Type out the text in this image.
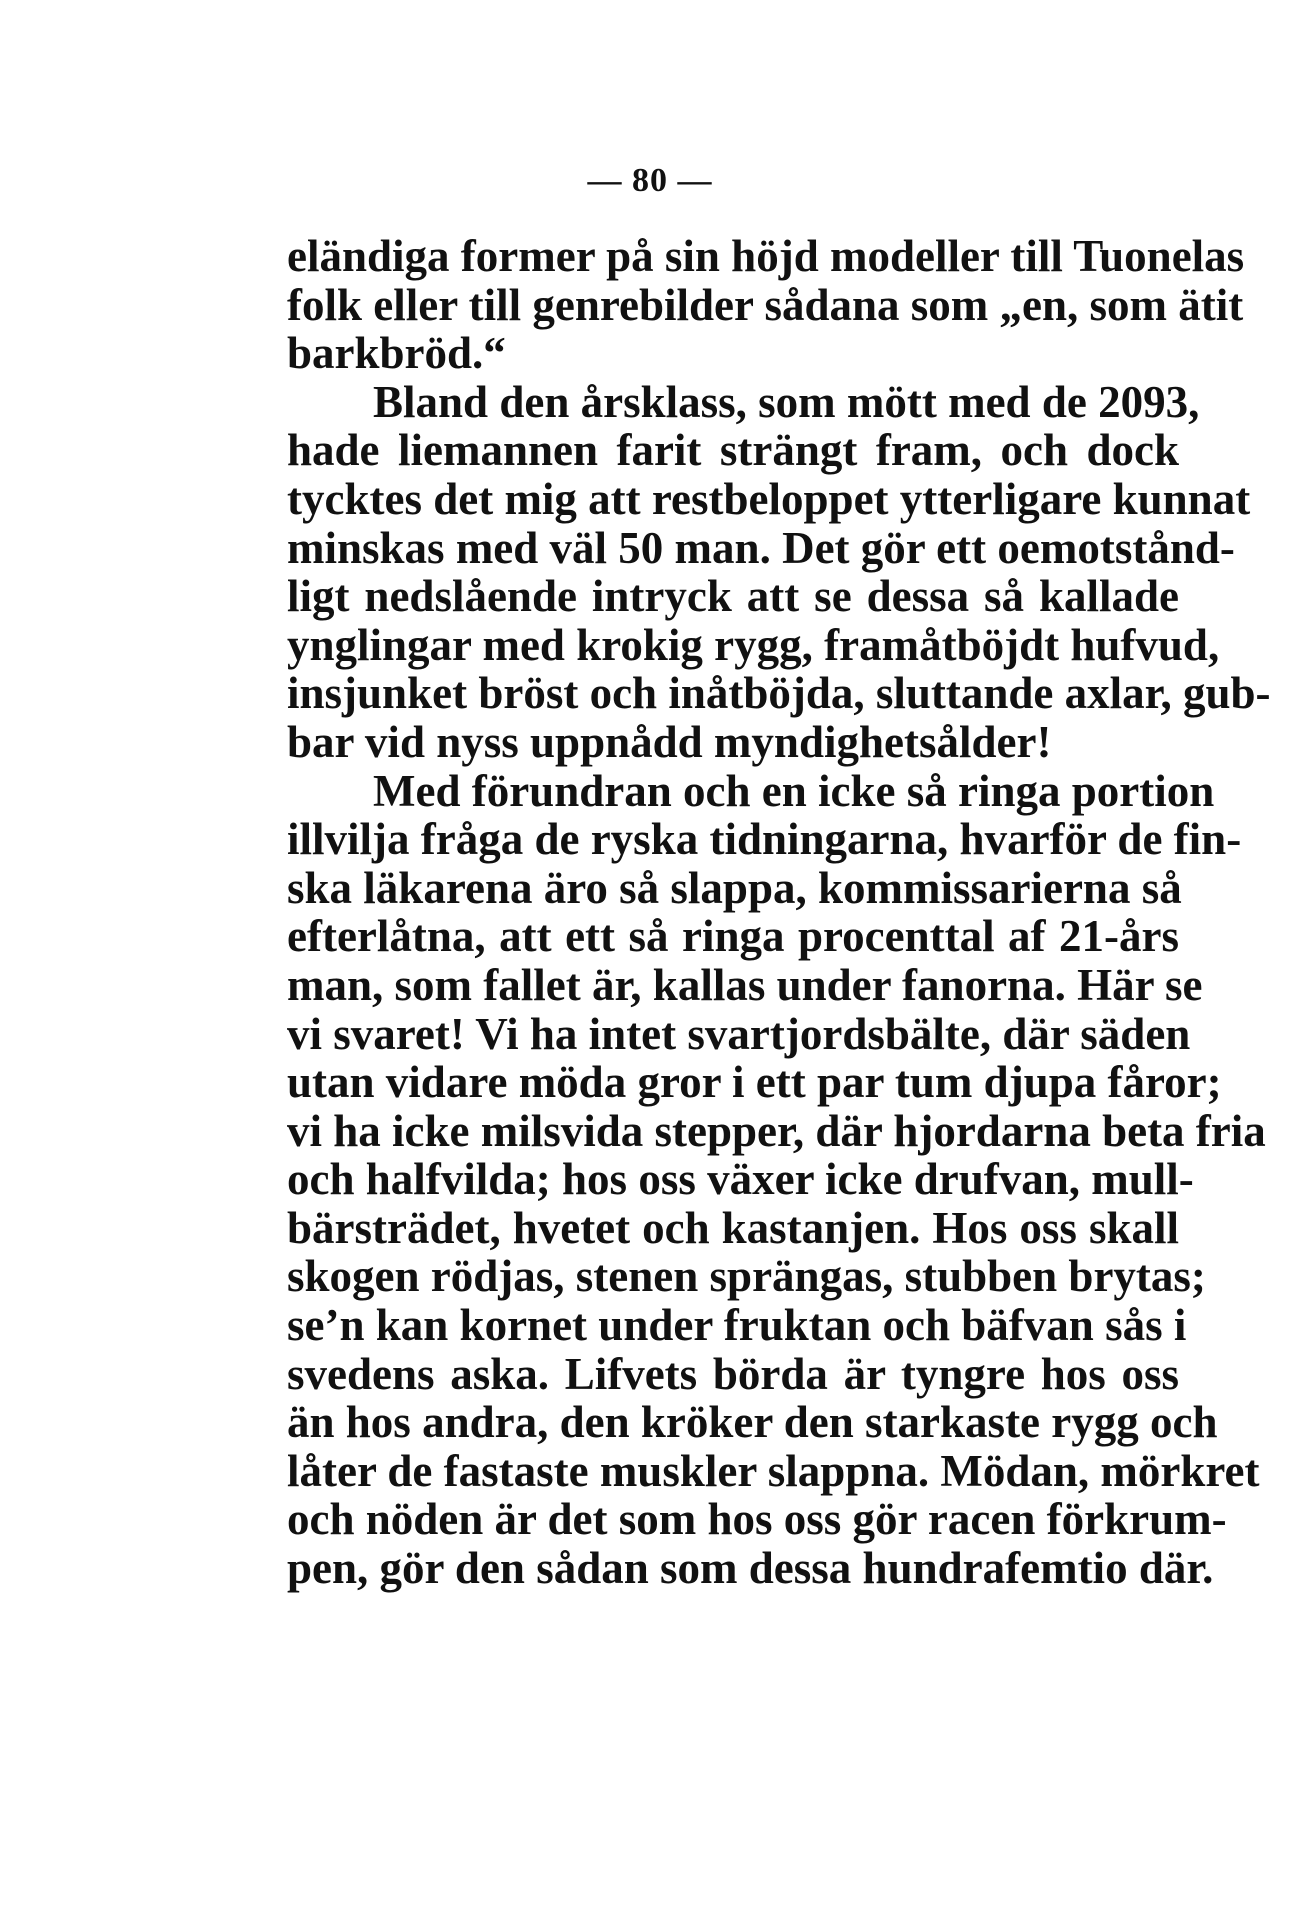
— 80 —
eländiga former på sin höjd modeller till Tuonelas
folk eller till genrebilder sådana som „en, som ätit
barkbröd.“
Bland den årsklass, som mött med de 2093,
hade liemannen farit strängt fram, och dock
tycktes det mig att restbeloppet ytterligare kunnat
minskas med väl 50 man. Det gör ett oemotstånd-
ligt nedslående intryck att se dessa så kallade
ynglingar med krokig rygg, framåtböjdt hufvud,
insjunket bröst och inåtböjda, sluttande axlar, gub-
bar vid nyss uppnådd myndighetsålder!
Med förundran och en icke så ringa portion
illvilja fråga de ryska tidningarna, hvarför de fin-
ska läkarena äro så slappa, kommissarierna så
efterlåtna, att ett så ringa procenttal af 21-års
man, som fallet är, kallas under fanorna. Här se
vi svaret! Vi ha intet svartjordsbälte, där säden
utan vidare möda gror i ett par tum djupa fåror;
vi ha icke milsvida stepper, där hjordarna beta fria
och halfvilda; hos oss växer icke drufvan, mull-
bärsträdet, hvetet och kastanjen. Hos oss skall
skogen rödjas, stenen sprängas, stubben brytas;
se’n kan kornet under fruktan och bäfvan sås i
svedens aska. Lifvets börda är tyngre hos oss
än hos andra, den kröker den starkaste rygg och
låter de fastaste muskler slappna. Mödan, mörkret
och nöden är det som hos oss gör racen förkrum-
pen, gör den sådan som dessa hundrafemtio där.
